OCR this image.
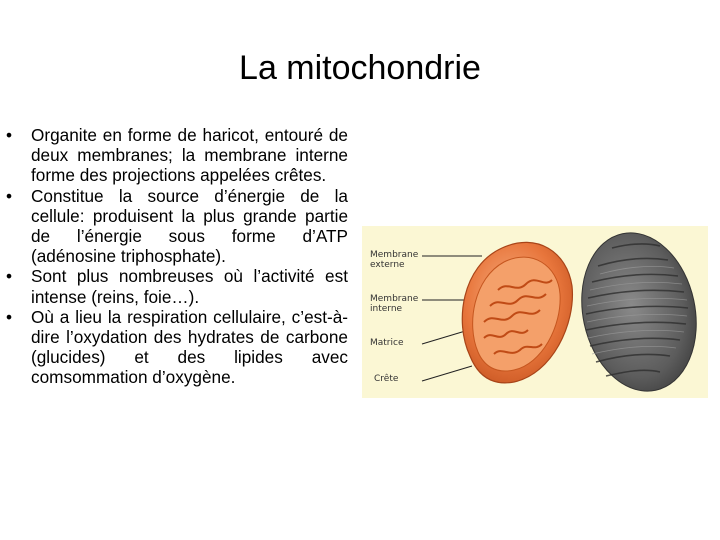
La mitochondrie
•	Organite en forme de haricot, entouré de deux membranes; la membrane interne forme des projections appelées crêtes.
•	Constitue la source d’énergie de la cellule: produisent la plus grande partie de l’énergie sous forme d’ATP (adénosine triphosphate).
•	Sont plus nombreuses où l’activité est intense (reins, foie…).
•	Où a lieu la respiration cellulaire, c’est-à-dire l’oxydation des hydrates de carbone (glucides) et des lipides avec comsommation d’oxygène.
Membrane
externe
Membrane
interne
Matrice
Crête
